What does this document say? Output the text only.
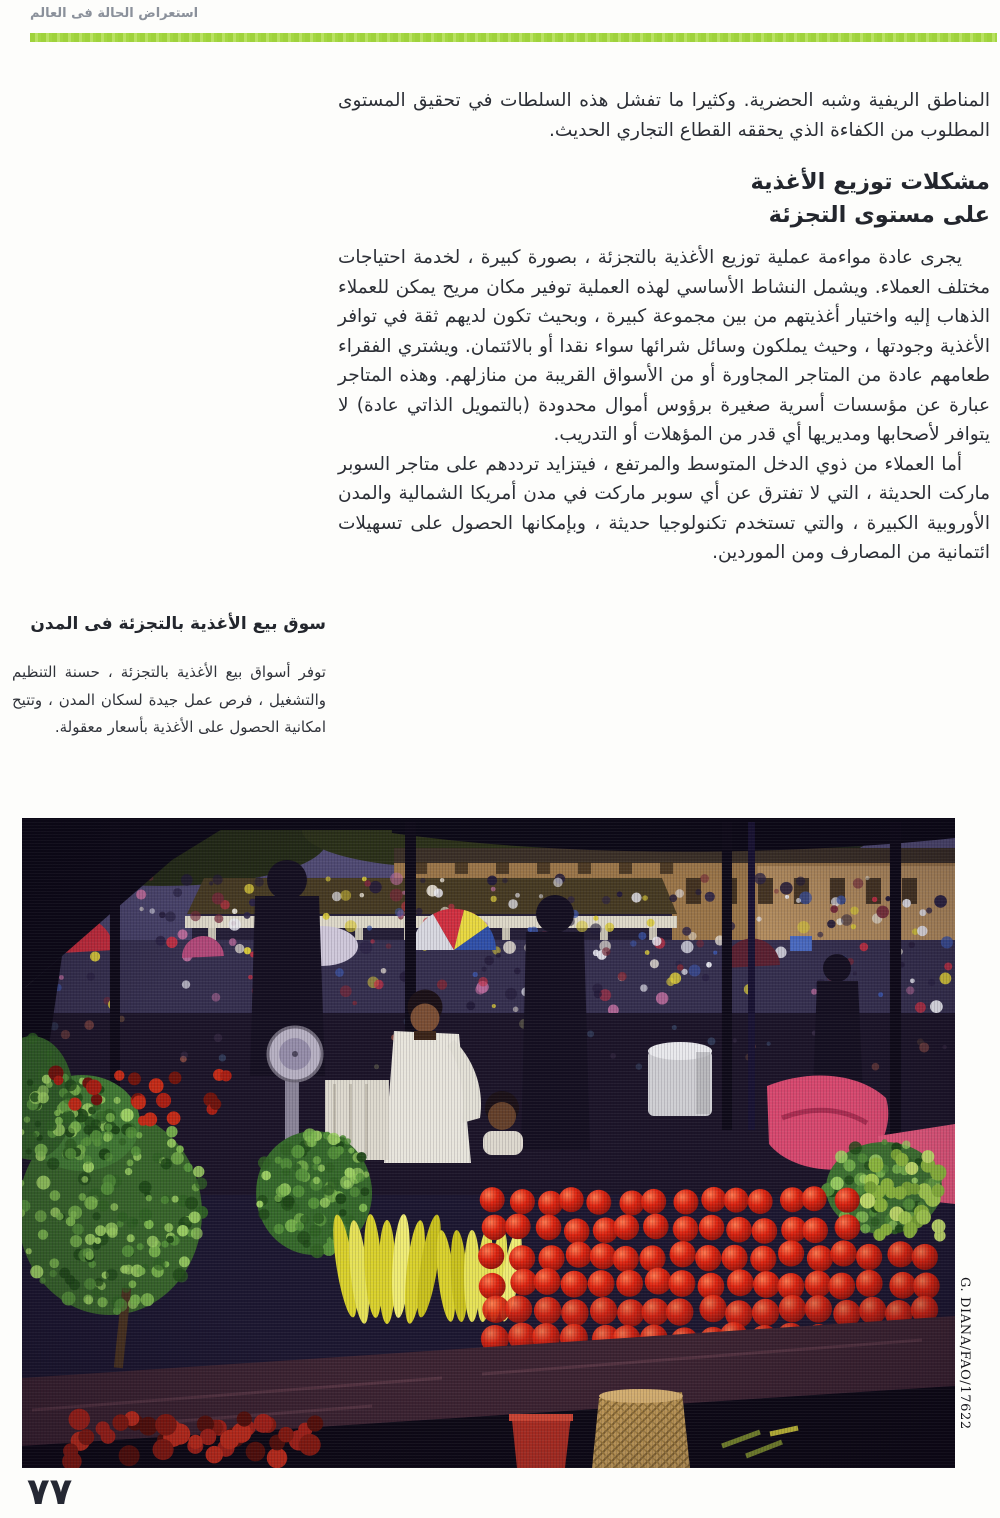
استعراض الحالة فى العالم

المناطق الريفية وشبه الحضرية. وكثيرا ما تفشل هذه السلطات في تحقيق المستوى المطلوب من الكفاءة الذي يحققه القطاع التجاري الحديث.

مشكلات توزيع الأغذية
على مستوى التجزئة

يجرى عادة مواءمة عملية توزيع الأغذية بالتجزئة ، بصورة كبيرة ، لخدمة احتياجات مختلف العملاء. ويشمل النشاط الأساسي لهذه العملية توفير مكان مريح يمكن للعملاء الذهاب إليه واختيار أغذيتهم من بين مجموعة كبيرة ، وبحيث تكون لديهم ثقة في توافر الأغذية وجودتها ، وحيث يملكون وسائل شرائها سواء نقدا أو بالائتمان. ويشتري الفقراء طعامهم عادة من المتاجر المجاورة أو من الأسواق القريبة من منازلهم. وهذه المتاجر عبارة عن مؤسسات أسرية صغيرة برؤوس أموال محدودة (بالتمويل الذاتي عادة) لا يتوافر لأصحابها ومديريها أي قدر من المؤهلات أو التدريب.

أما العملاء من ذوي الدخل المتوسط والمرتفع ، فيتزايد ترددهم على متاجر السوبر ماركت الحديثة ، التي لا تفترق عن أي سوبر ماركت في مدن أمريكا الشمالية والمدن الأوروبية الكبيرة ، والتي تستخدم تكنولوجيا حديثة ، وبإمكانها الحصول على تسهيلات ائتمانية من المصارف ومن الموردين.

سوق بيع الأغذية بالتجزئة فى المدن

توفر أسواق بيع الأغذية بالتجزئة ، حسنة التنظيم والتشغيل ، فرص عمل جيدة لسكان المدن ، وتتيح امكانية الحصول على الأغذية بأسعار معقولة.

G. DIANA/FAO/17622
٧٧
